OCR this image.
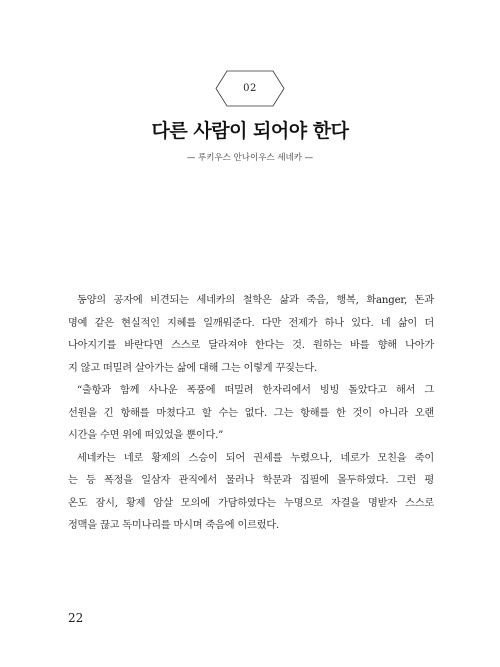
02
다른 사람이 되어야 한다
— 루키우스 안나이우스 세네카 —
동양의 공자에 비견되는 세네카의 철학은 삶과 죽음, 행복, 화anger, 돈과
명예 같은 현실적인 지혜를 일깨워준다. 다만 전제가 하나 있다. 네 삶이 더
나아지기를 바란다면 스스로 달라져야 한다는 것. 원하는 바를 향해 나아가
지 않고 떠밀려 살아가는 삶에 대해 그는 이렇게 꾸짖는다.
“출항과 함께 사나운 폭풍에 떠밀려 한자리에서 빙빙 돌았다고 해서 그
선원을 긴 항해를 마쳤다고 할 수는 없다. 그는 항해를 한 것이 아니라 오랜
시간을 수면 위에 떠있었을 뿐이다.”
세네카는 네로 황제의 스승이 되어 권세를 누렸으나, 네로가 모친을 죽이
는 등 폭정을 일삼자 관직에서 물러나 학문과 집필에 몰두하였다. 그런 평
온도 잠시, 황제 암살 모의에 가담하였다는 누명으로 자결을 명받자 스스로
정맥을 끊고 독미나리를 마시며 죽음에 이르렀다.
22
